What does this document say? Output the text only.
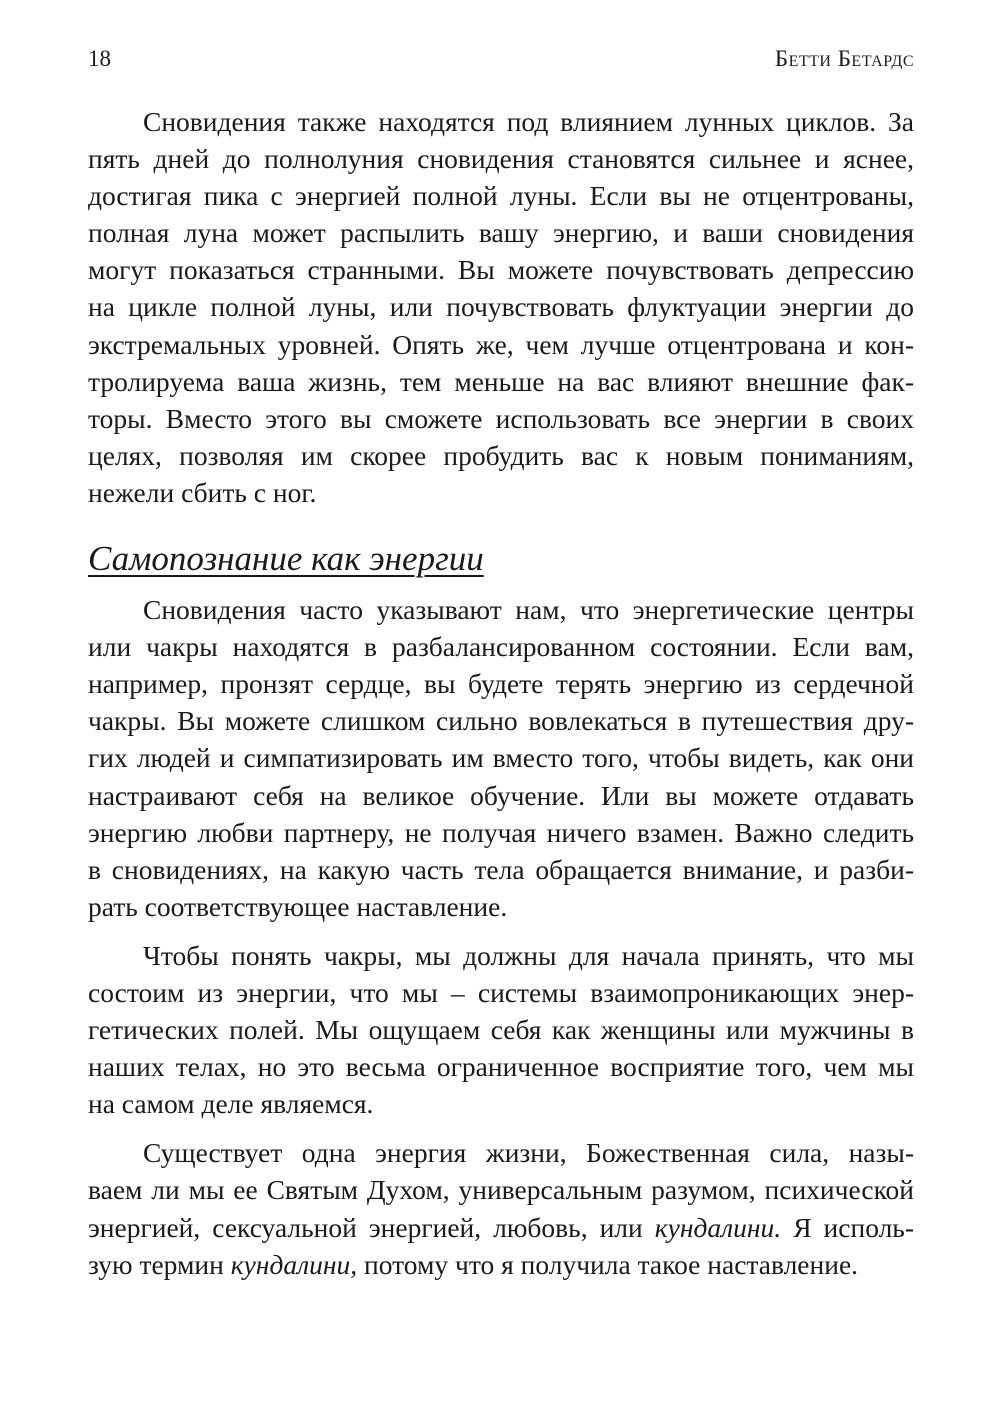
18	Бетти Бетардс
Сновидения также находятся под влиянием лунных циклов. За
пять дней до полнолуния сновидения становятся сильнее и яснее,
достигая пика с энергией полной луны. Если вы не отцентрованы,
полная луна может распылить вашу энергию, и ваши сновидения
могут показаться странными. Вы можете почувствовать депрессию
на цикле полной луны, или почувствовать флуктуации энергии до
экстремальных уровней. Опять же, чем лучше отцентрована и кон-
тролируема ваша жизнь, тем меньше на вас влияют внешние фак-
торы. Вместо этого вы сможете использовать все энергии в своих
целях, позволяя им скорее пробудить вас к новым пониманиям,
нежели сбить с ног.
Самопознание как энергии
Сновидения часто указывают нам, что энергетические центры
или чакры находятся в разбалансированном состоянии. Если вам,
например, пронзят сердце, вы будете терять энергию из сердечной
чакры. Вы можете слишком сильно вовлекаться в путешествия дру-
гих людей и симпатизировать им вместо того, чтобы видеть, как они
настраивают себя на великое обучение. Или вы можете отдавать
энергию любви партнеру, не получая ничего взамен. Важно следить
в сновидениях, на какую часть тела обращается внимание, и разби-
рать соответствующее наставление.
Чтобы понять чакры, мы должны для начала принять, что мы
состоим из энергии, что мы – системы взаимопроникающих энер-
гетических полей. Мы ощущаем себя как женщины или мужчины в
наших телах, но это весьма ограниченное восприятие того, чем мы
на самом деле являемся.
Существует одна энергия жизни, Божественная сила, назы-
ваем ли мы ее Святым Духом, универсальным разумом, психической
энергией, сексуальной энергией, любовь, или кундалини. Я исполь-
зую термин кундалини, потому что я получила такое наставление.
